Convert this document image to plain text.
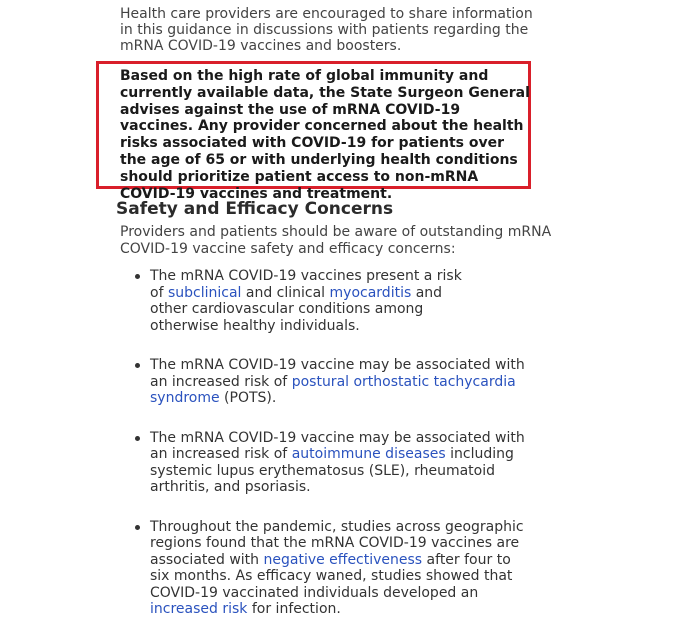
Health care providers are encouraged to share information in this guidance in discussions with patients regarding the mRNA COVID-19 vaccines and boosters.
Based on the high rate of global immunity and currently available data, the State Surgeon General advises against the use of mRNA COVID-19 vaccines. Any provider concerned about the health risks associated with COVID-19 for patients over the age of 65 or with underlying health conditions should prioritize patient access to non-mRNA COVID-19 vaccines and treatment.
Safety and Efficacy Concerns
Providers and patients should be aware of outstanding mRNA COVID-19 vaccine safety and efficacy concerns:
The mRNA COVID-19 vaccines present a risk of subclinical and clinical myocarditis and other cardiovascular conditions among otherwise healthy individuals.
The mRNA COVID-19 vaccine may be associated with an increased risk of postural orthostatic tachycardia syndrome (POTS).
The mRNA COVID-19 vaccine may be associated with an increased risk of autoimmune diseases including systemic lupus erythematosus (SLE), rheumatoid arthritis, and psoriasis.
Throughout the pandemic, studies across geographic regions found that the mRNA COVID-19 vaccines are associated with negative effectiveness after four to six months. As efficacy waned, studies showed that COVID-19 vaccinated individuals developed an increased risk for infection.
